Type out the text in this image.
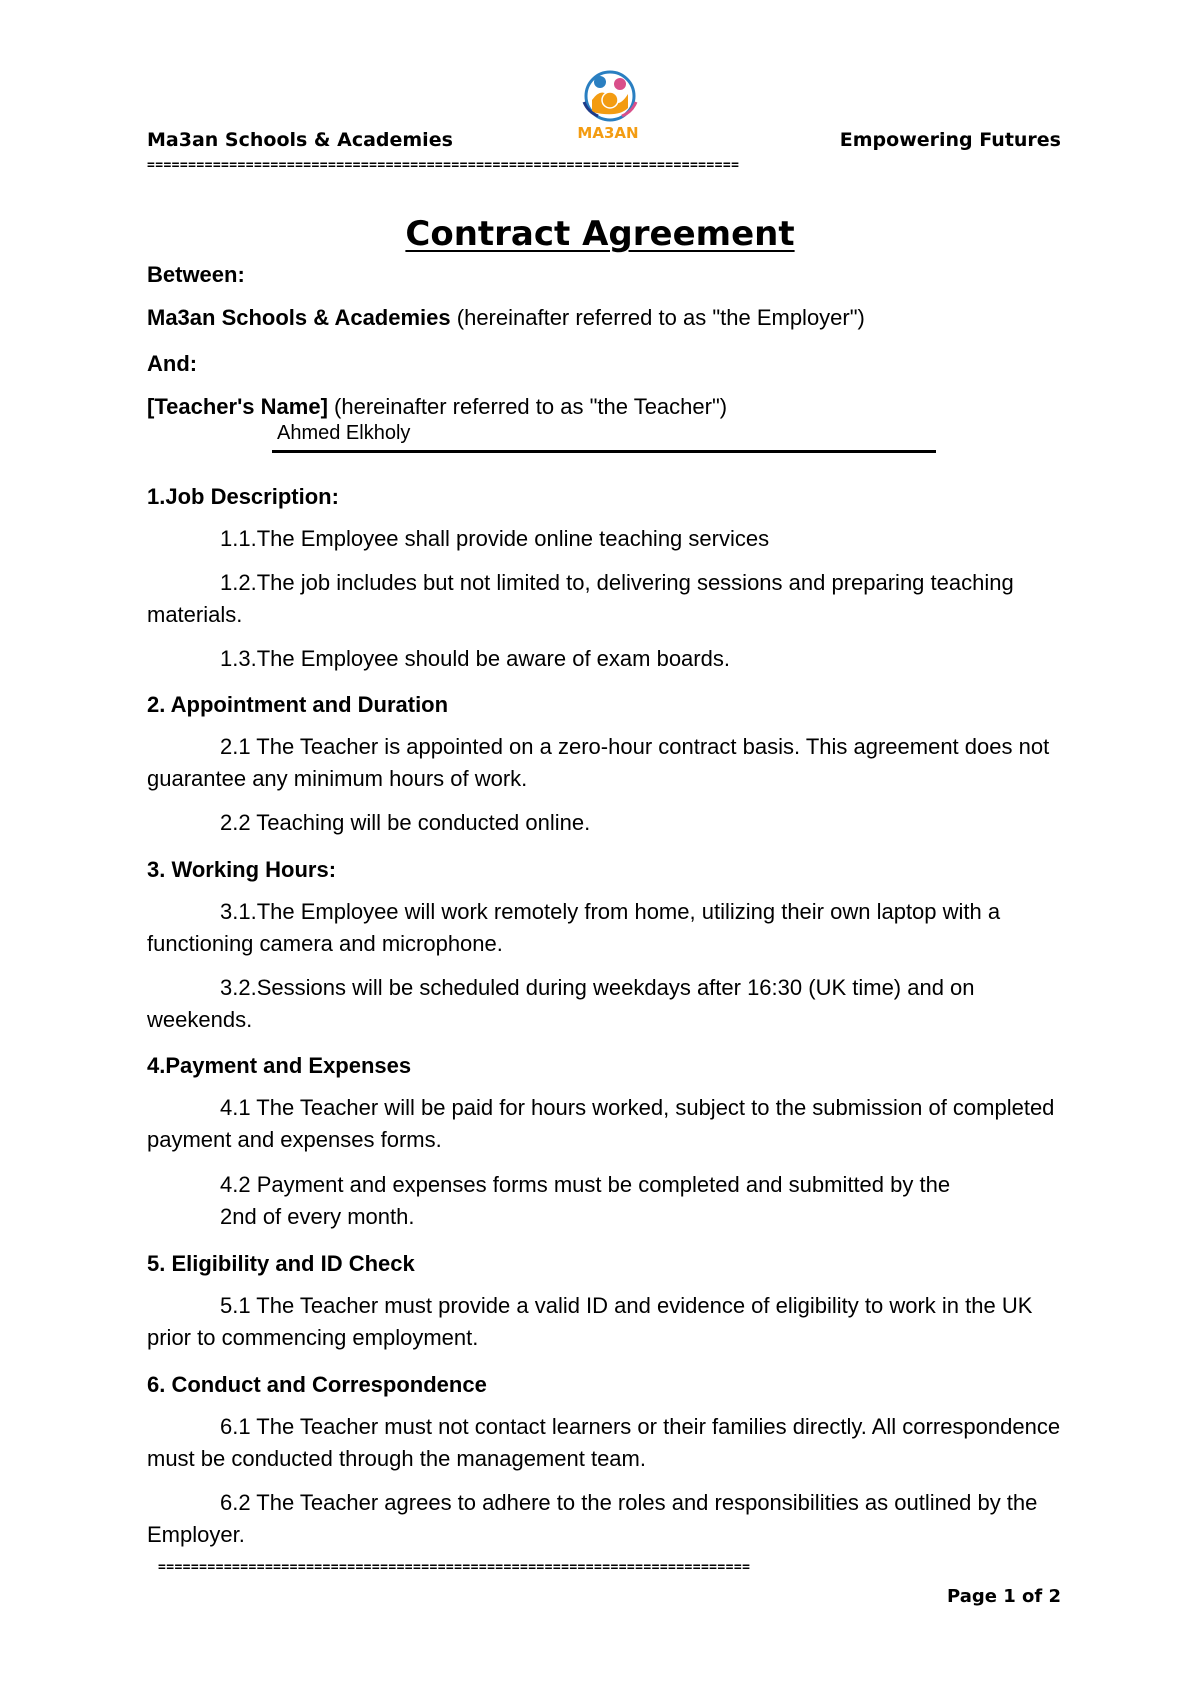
Ma3an Schools & Academies	Empowering Futures
MA3AN
========================================================================
Contract Agreement
Between:
Ma3an Schools & Academies (hereinafter referred to as "the Employer")
And:
[Teacher's Name] (hereinafter referred to as "the Teacher")
Ahmed Elkholy
1.Job Description:
1.1.The Employee shall provide online teaching services
1.2.The job includes but not limited to, delivering sessions and preparing teaching materials.
1.3.The Employee should be aware of exam boards.
2. Appointment and Duration
2.1 The Teacher is appointed on a zero-hour contract basis. This agreement does not guarantee any minimum hours of work.
2.2 Teaching will be conducted online.
3. Working Hours:
3.1.The Employee will work remotely from home, utilizing their own laptop with a functioning camera and microphone.
3.2.Sessions will be scheduled during weekdays after 16:30 (UK time) and on weekends.
4.Payment and Expenses
4.1 The Teacher will be paid for hours worked, subject to the submission of completed payment and expenses forms.
4.2 Payment and expenses forms must be completed and submitted by the
2nd of every month.
5. Eligibility and ID Check
5.1 The Teacher must provide a valid ID and evidence of eligibility to work in the UK prior to commencing employment.
6. Conduct and Correspondence
6.1 The Teacher must not contact learners or their families directly. All correspondence must be conducted through the management team.
6.2 The Teacher agrees to adhere to the roles and responsibilities as outlined by the Employer.
========================================================================
Page 1 of 2
